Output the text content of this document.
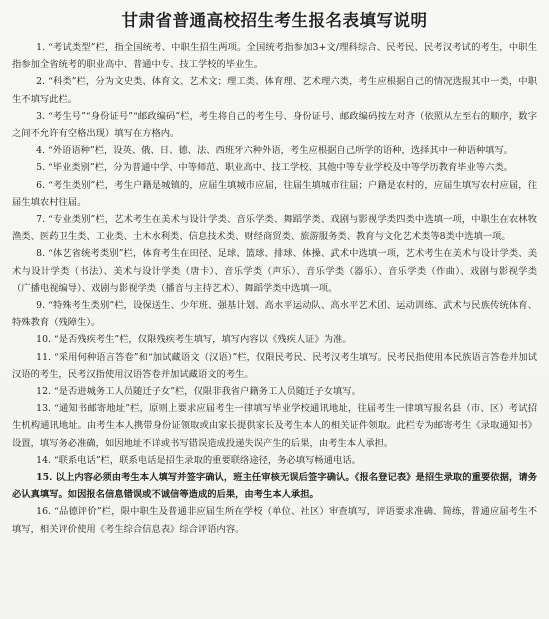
甘肃省普通高校招生考生报名表填写说明

1. “考试类型”栏，指全国统考、中职生招生两项。全国统考指参加3+文/理科综合、民考民、民考汉考试的考生，中职生指参加全省统考的职业高中、普通中专、技工学校的毕业生。

2. “科类”栏，分为文史类、体育文、艺术文；理工类、体育理、艺术理六类，考生应根据自己的情况选报其中一类，中职生不填写此栏。

3. “考生号”“身份证号”“邮政编码”栏，考生将自己的考生号、身份证号、邮政编码按左对齐（依照从左至右的顺序，数字之间不允许有空格出现）填写在方格内。

4. “外语语种”栏，设英、俄、日、德、法、西班牙六种外语，考生应根据自己所学的语种，选择其中一种语种填写。

5. “毕业类别”栏，分为普通中学、中等师范、职业高中、技工学校、其他中等专业学校及中等学历教育毕业等六类。

6. “考生类别”栏，考生户籍是城镇的，应届生填城市应届，往届生填城市往届；户籍是农村的，应届生填写农村应届，往届生填农村往届。

7. “专业类别”栏，艺术考生在美术与设计学类、音乐学类、舞蹈学类、戏剧与影视学类四类中选填一项，中职生在农林牧渔类、医药卫生类、工业类、土木水利类、信息技术类、财经商贸类、旅游服务类、教育与文化艺术类等8类中选填一项。

8. “体艺省统考类别”栏，体育考生在田径、足球、篮球、排球、体操、武术中选填一项，艺术考生在美术与设计学类、美术与设计学类（书法）、美术与设计学类（唐卡）、音乐学类（声乐）、音乐学类（器乐）、音乐学类（作曲）、戏剧与影视学类（广播电视编导）、戏剧与影视学类（播音与主持艺术）、舞蹈学类中选填一项。

9. “特殊考生类别”栏，设保送生、少年班、强基计划、高水平运动队、高水平艺术团、运动训练、武术与民族传统体育、特殊教育（残障生）。

10. “是否残疾考生”栏，仅限残疾考生填写，填写内容以《残疾人证》为准。

11. “采用何种语言答卷”和“加试藏语文（汉语）”栏，仅限民考民、民考汉考生填写。民考民指使用本民族语言答卷并加试汉语的考生，民考汉指使用汉语答卷并加试藏语文的考生。

12. “是否进城务工人员随迁子女”栏，仅限非我省户籍务工人员随迁子女填写。

13. “通知书邮寄地址”栏，原则上要求应届考生一律填写毕业学校通讯地址，往届考生一律填写报名县（市、区）考试招生机构通讯地址。由考生本人携带身份证领取或由家长提供家长及考生本人的相关证件领取。此栏专为邮寄考生《录取通知书》设置，填写务必准确，如因地址不详或书写错误造成投递失误产生的后果，由考生本人承担。

14. “联系电话”栏，联系电话是招生录取的重要联络途径，务必填写畅通电话。

15. 以上内容必须由考生本人填写并签字确认，班主任审核无误后签字确认。《报名登记表》是招生录取的重要依据，请务必认真填写。如因报名信息错误或不诚信等造成的后果，由考生本人承担。

16. “品德评价”栏，限中职生及普通非应届生所在学校（单位、社区）审查填写，评语要求准确、简练，普通应届考生不填写，相关评价使用《考生综合信息表》综合评语内容。
